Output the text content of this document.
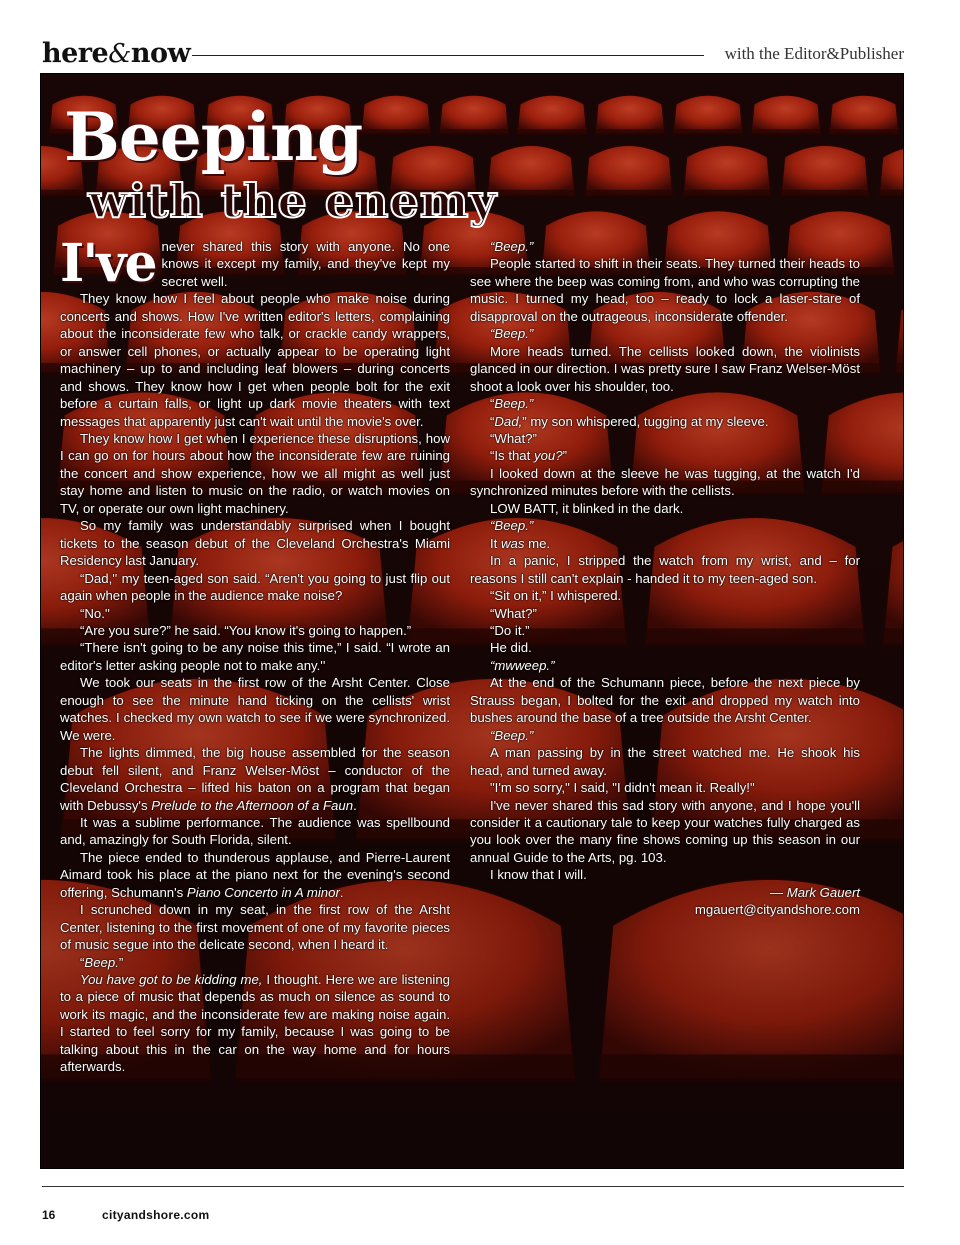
here&now	with the Editor&Publisher
Beeping
with the enemy
I've never shared this story with anyone. No one knows it except my family, and they've kept my secret well.

They know how I feel about people who make noise during concerts and shows. How I've written editor's letters, complaining about the inconsiderate few who talk, or crackle candy wrappers, or answer cell phones, or actually appear to be operating light machinery – up to and including leaf blowers – during concerts and shows. They know how I get when people bolt for the exit before a curtain falls, or light up dark movie theaters with text messages that apparently just can't wait until the movie's over.

They know how I get when I experience these disruptions, how I can go on for hours about how the inconsiderate few are ruining the concert and show experience, how we all might as well just stay home and listen to music on the radio, or watch movies on TV, or operate our own light machinery.

So my family was understandably surprised when I bought tickets to the season debut of the Cleveland Orchestra's Miami Residency last January.

“Dad,'' my teen-aged son said. “Aren't you going to just flip out again when people in the audience make noise?

“No.''

“Are you sure?” he said. “You know it's going to happen.”

“There isn't going to be any noise this time,” I said. “I wrote an editor's letter asking people not to make any.''

We took our seats in the first row of the Arsht Center. Close enough to see the minute hand ticking on the cellists' wrist watches. I checked my own watch to see if we were synchronized. We were.

The lights dimmed, the big house assembled for the season debut fell silent, and Franz Welser-Möst – conductor of the Cleveland Orchestra – lifted his baton on a program that began with Debussy's Prelude to the Afternoon of a Faun.

It was a sublime performance. The audience was spellbound and, amazingly for South Florida, silent.

The piece ended to thunderous applause, and Pierre-Laurent Aimard took his place at the piano next for the evening's second offering, Schumann's Piano Concerto in A minor.

I scrunched down in my seat, in the first row of the Arsht Center, listening to the first movement of one of my favorite pieces of music segue into the delicate second, when I heard it.

“Beep.”

You have got to be kidding me, I thought. Here we are listening to a piece of music that depends as much on silence as sound to work its magic, and the inconsiderate few are making noise again. I started to feel sorry for my family, because I was going to be talking about this in the car on the way home and for hours afterwards.

“Beep.”

People started to shift in their seats. They turned their heads to see where the beep was coming from, and who was corrupting the music. I turned my head, too – ready to lock a laser-stare of disapproval on the outrageous, inconsiderate offender.

“Beep.”

More heads turned. The cellists looked down, the violinists glanced in our direction. I was pretty sure I saw Franz Welser-Möst shoot a look over his shoulder, too.

“Beep.”

“Dad,” my son whispered, tugging at my sleeve.

“What?”

“Is that you?”

I looked down at the sleeve he was tugging, at the watch I'd synchronized minutes before with the cellists.

LOW BATT, it blinked in the dark.

“Beep.”

It was me.

In a panic, I stripped the watch from my wrist, and – for reasons I still can't explain - handed it to my teen-aged son.

“Sit on it,” I whispered.

“What?”

“Do it.”

He did.

“mwweep.”

At the end of the Schumann piece, before the next piece by Strauss began, I bolted for the exit and dropped my watch into bushes around the base of a tree outside the Arsht Center.

“Beep.”

A man passing by in the street watched me. He shook his head, and turned away.

"I'm so sorry," I said, "I didn't mean it. Really!"

I've never shared this sad story with anyone, and I hope you'll consider it a cautionary tale to keep your watches fully charged as you look over the many fine shows coming up this season in our annual Guide to the Arts, pg. 103.

I know that I will.

— Mark Gauert

mgauert@cityandshore.com

16	cityandshore.com
